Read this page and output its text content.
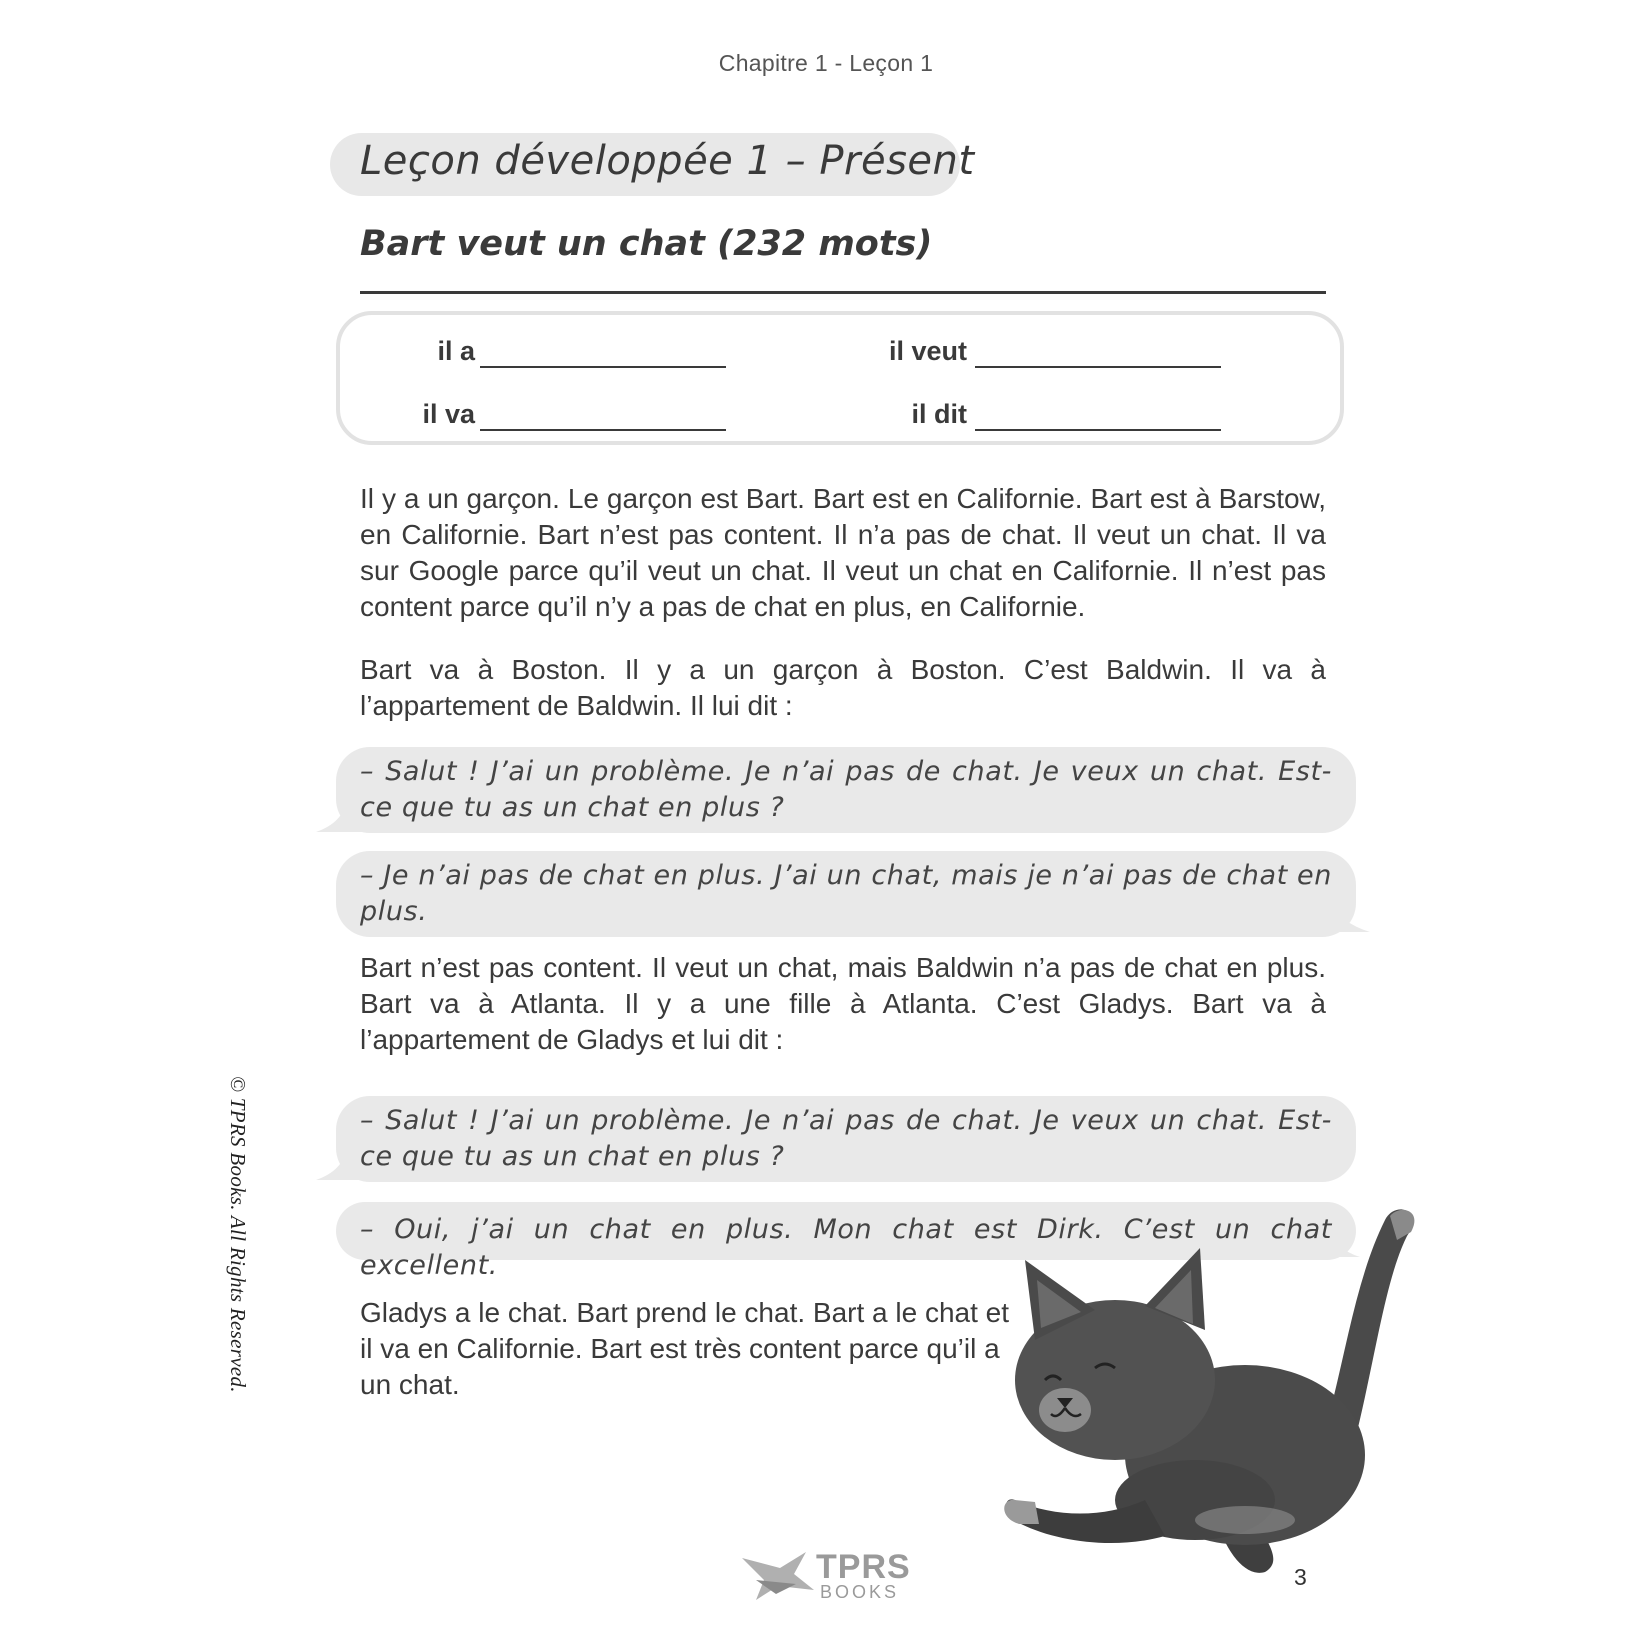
Chapitre 1 - Leçon 1
Leçon développée 1 – Présent
Bart veut un chat (232 mots)
il a	il veut
il va	il dit
Il y a un garçon. Le garçon est Bart. Bart est en Californie. Bart est à Barstow, en Californie. Bart n’est pas content. Il n’a pas de chat. Il veut un chat. Il va sur Google parce qu’il veut un chat. Il veut un chat en Californie. Il n’est pas content parce qu’il n’y a pas de chat en plus, en Californie.
Bart va à Boston. Il y a un garçon à Boston. C’est Baldwin. Il va à l’appartement de Baldwin. Il lui dit :
– Salut ! J’ai un problème. Je n’ai pas de chat. Je veux un chat. Est-ce que tu as un chat en plus ?
– Je n’ai pas de chat en plus. J’ai un chat, mais je n’ai pas de chat en plus.
Bart n’est pas content. Il veut un chat, mais Baldwin n’a pas de chat en plus. Bart va à Atlanta. Il y a une fille à Atlanta. C’est Gladys. Bart va à l’appartement de Gladys et lui dit :
– Salut ! J’ai un problème. Je n’ai pas de chat. Je veux un chat. Est-ce que tu as un chat en plus ?
– Oui, j’ai un chat en plus. Mon chat est Dirk. C’est un chat excellent.
Gladys a le chat. Bart prend le chat. Bart a le chat et il va en Californie. Bart est très content parce qu’il a un chat.
© TPRS Books. All Rights Reserved.
TPRS
BOOKS
3
